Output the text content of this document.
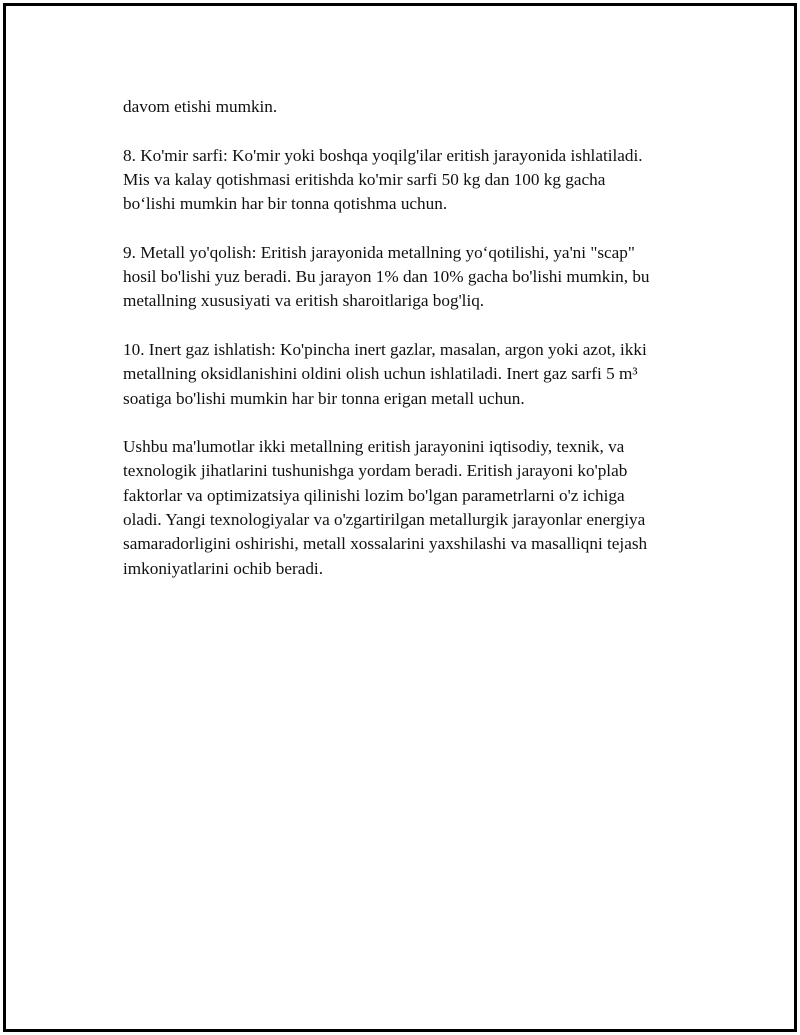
davom etishi mumkin.

8. Ko'mir sarfi: Ko'mir yoki boshqa yoqilg'ilar eritish jarayonida ishlatiladi.
Mis va kalay qotishmasi eritishda ko'mir sarfi 50 kg dan 100 kg gacha
bo‘lishi mumkin har bir tonna qotishma uchun.

9. Metall yo'qolish: Eritish jarayonida metallning yo‘qotilishi, ya'ni "scap"
hosil bo'lishi yuz beradi. Bu jarayon 1% dan 10% gacha bo'lishi mumkin, bu
metallning xususiyati va eritish sharoitlariga bog'liq.

10. Inert gaz ishlatish: Ko'pincha inert gazlar, masalan, argon yoki azot, ikki
metallning oksidlanishini oldini olish uchun ishlatiladi. Inert gaz sarfi 5 m³
soatiga bo'lishi mumkin har bir tonna erigan metall uchun.

Ushbu ma'lumotlar ikki metallning eritish jarayonini iqtisodiy, texnik, va
texnologik jihatlarini tushunishga yordam beradi. Eritish jarayoni ko'plab
faktorlar va optimizatsiya qilinishi lozim bo'lgan parametrlarni o'z ichiga
oladi. Yangi texnologiyalar va o'zgartirilgan metallurgik jarayonlar energiya
samaradorligini oshirishi, metall xossalarini yaxshilashi va masalliqni tejash
imkoniyatlarini ochib beradi.
